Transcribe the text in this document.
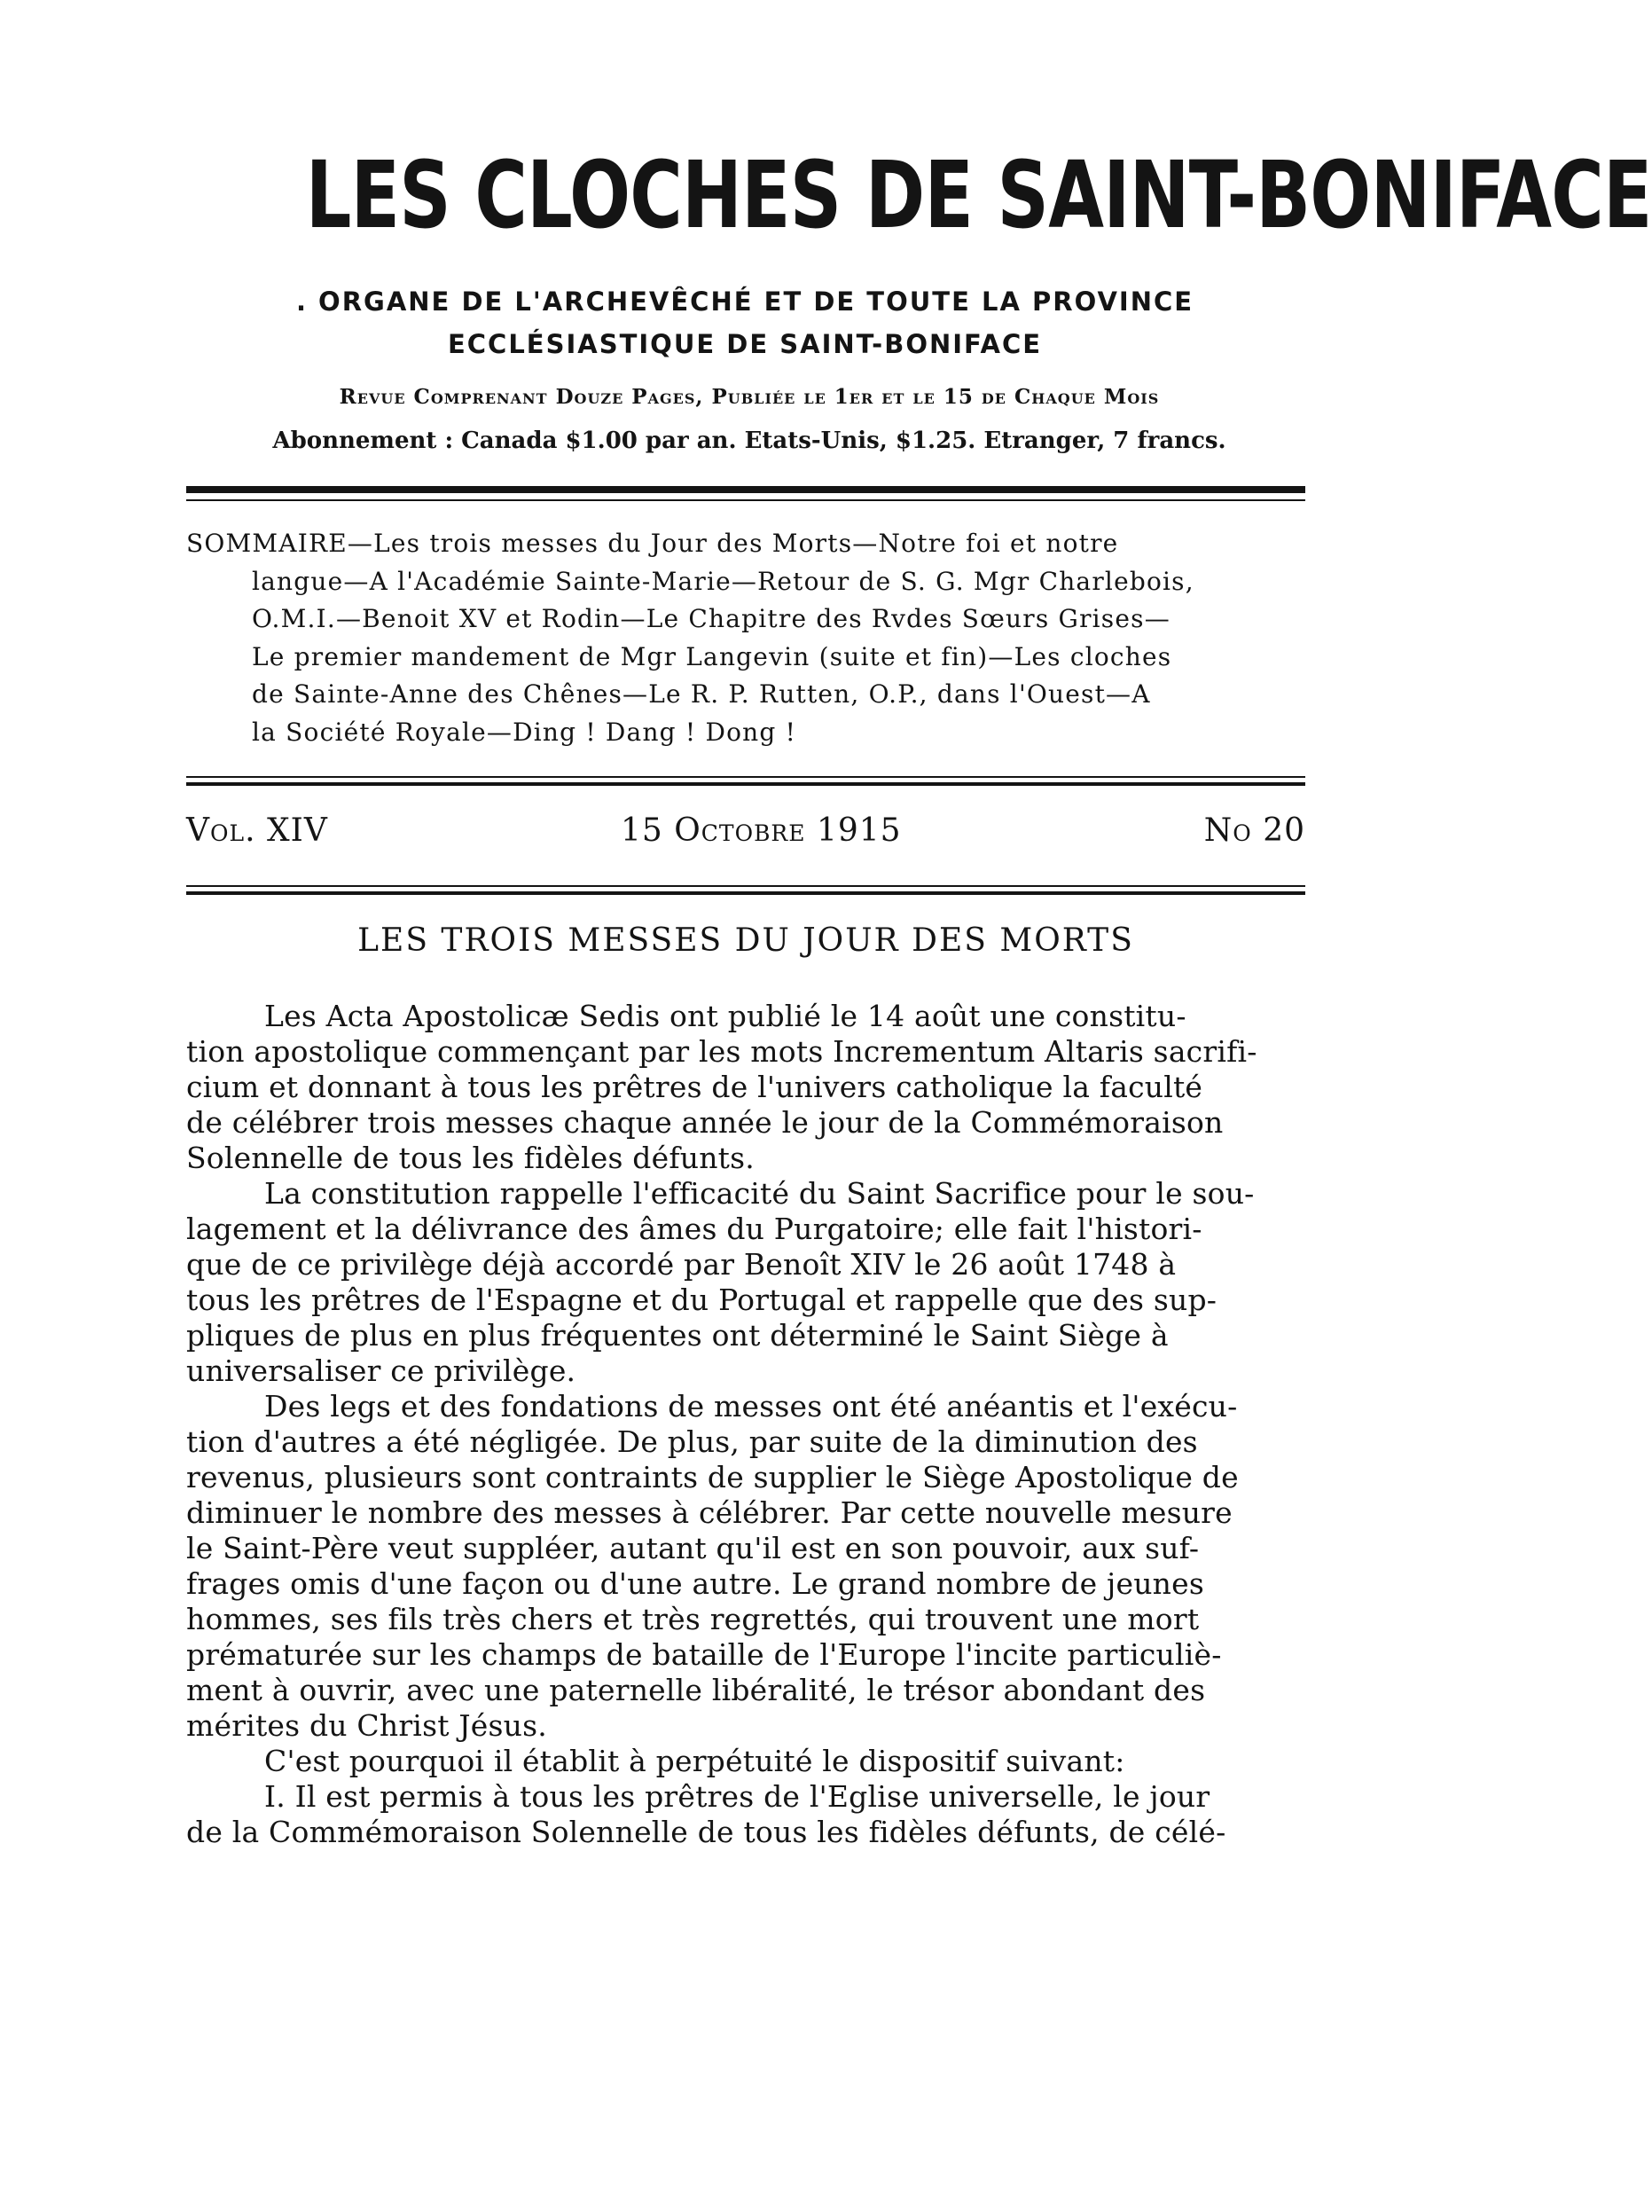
LES CLOCHES DE SAINT-BONIFACE
. ORGANE DE L'ARCHEVÊCHÉ ET DE TOUTE LA PROVINCE
ECCLÉSIASTIQUE DE SAINT-BONIFACE
Revue Comprenant Douze Pages, Publiée le 1er et le 15 de Chaque Mois
Abonnement : Canada $1.00 par an. Etats-Unis, $1.25. Etranger, 7 francs.
SOMMAIRE—Les trois messes du Jour des Morts—Notre foi et notre
langue—A l'Académie Sainte-Marie—Retour de S. G. Mgr Charlebois,
O.M.I.—Benoit XV et Rodin—Le Chapitre des Rvdes Sœurs Grises—
Le premier mandement de Mgr Langevin (suite et fin)—Les cloches
de Sainte-Anne des Chênes—Le R. P. Rutten, O.P., dans l'Ouest—A
la Société Royale—Ding ! Dang ! Dong !
Vol. XIV	15 Octobre 1915	No 20
LES TROIS MESSES DU JOUR DES MORTS
Les Acta Apostolicæ Sedis ont publié le 14 août une constitu-
tion apostolique commençant par les mots Incrementum Altaris sacrifi-
cium et donnant à tous les prêtres de l'univers catholique la faculté
de célébrer trois messes chaque année le jour de la Commémoraison
Solennelle de tous les fidèles défunts.
La constitution rappelle l'efficacité du Saint Sacrifice pour le sou-
lagement et la délivrance des âmes du Purgatoire; elle fait l'histori-
que de ce privilège déjà accordé par Benoît XIV le 26 août 1748 à
tous les prêtres de l'Espagne et du Portugal et rappelle que des sup-
pliques de plus en plus fréquentes ont déterminé le Saint Siège à
universaliser ce privilège.
Des legs et des fondations de messes ont été anéantis et l'exécu-
tion d'autres a été négligée. De plus, par suite de la diminution des
revenus, plusieurs sont contraints de supplier le Siège Apostolique de
diminuer le nombre des messes à célébrer. Par cette nouvelle mesure
le Saint-Père veut suppléer, autant qu'il est en son pouvoir, aux suf-
frages omis d'une façon ou d'une autre. Le grand nombre de jeunes
hommes, ses fils très chers et très regrettés, qui trouvent une mort
prématurée sur les champs de bataille de l'Europe l'incite particuliè-
ment à ouvrir, avec une paternelle libéralité, le trésor abondant des
mérites du Christ Jésus.
C'est pourquoi il établit à perpétuité le dispositif suivant:
I. Il est permis à tous les prêtres de l'Eglise universelle, le jour
de la Commémoraison Solennelle de tous les fidèles défunts, de célé-
